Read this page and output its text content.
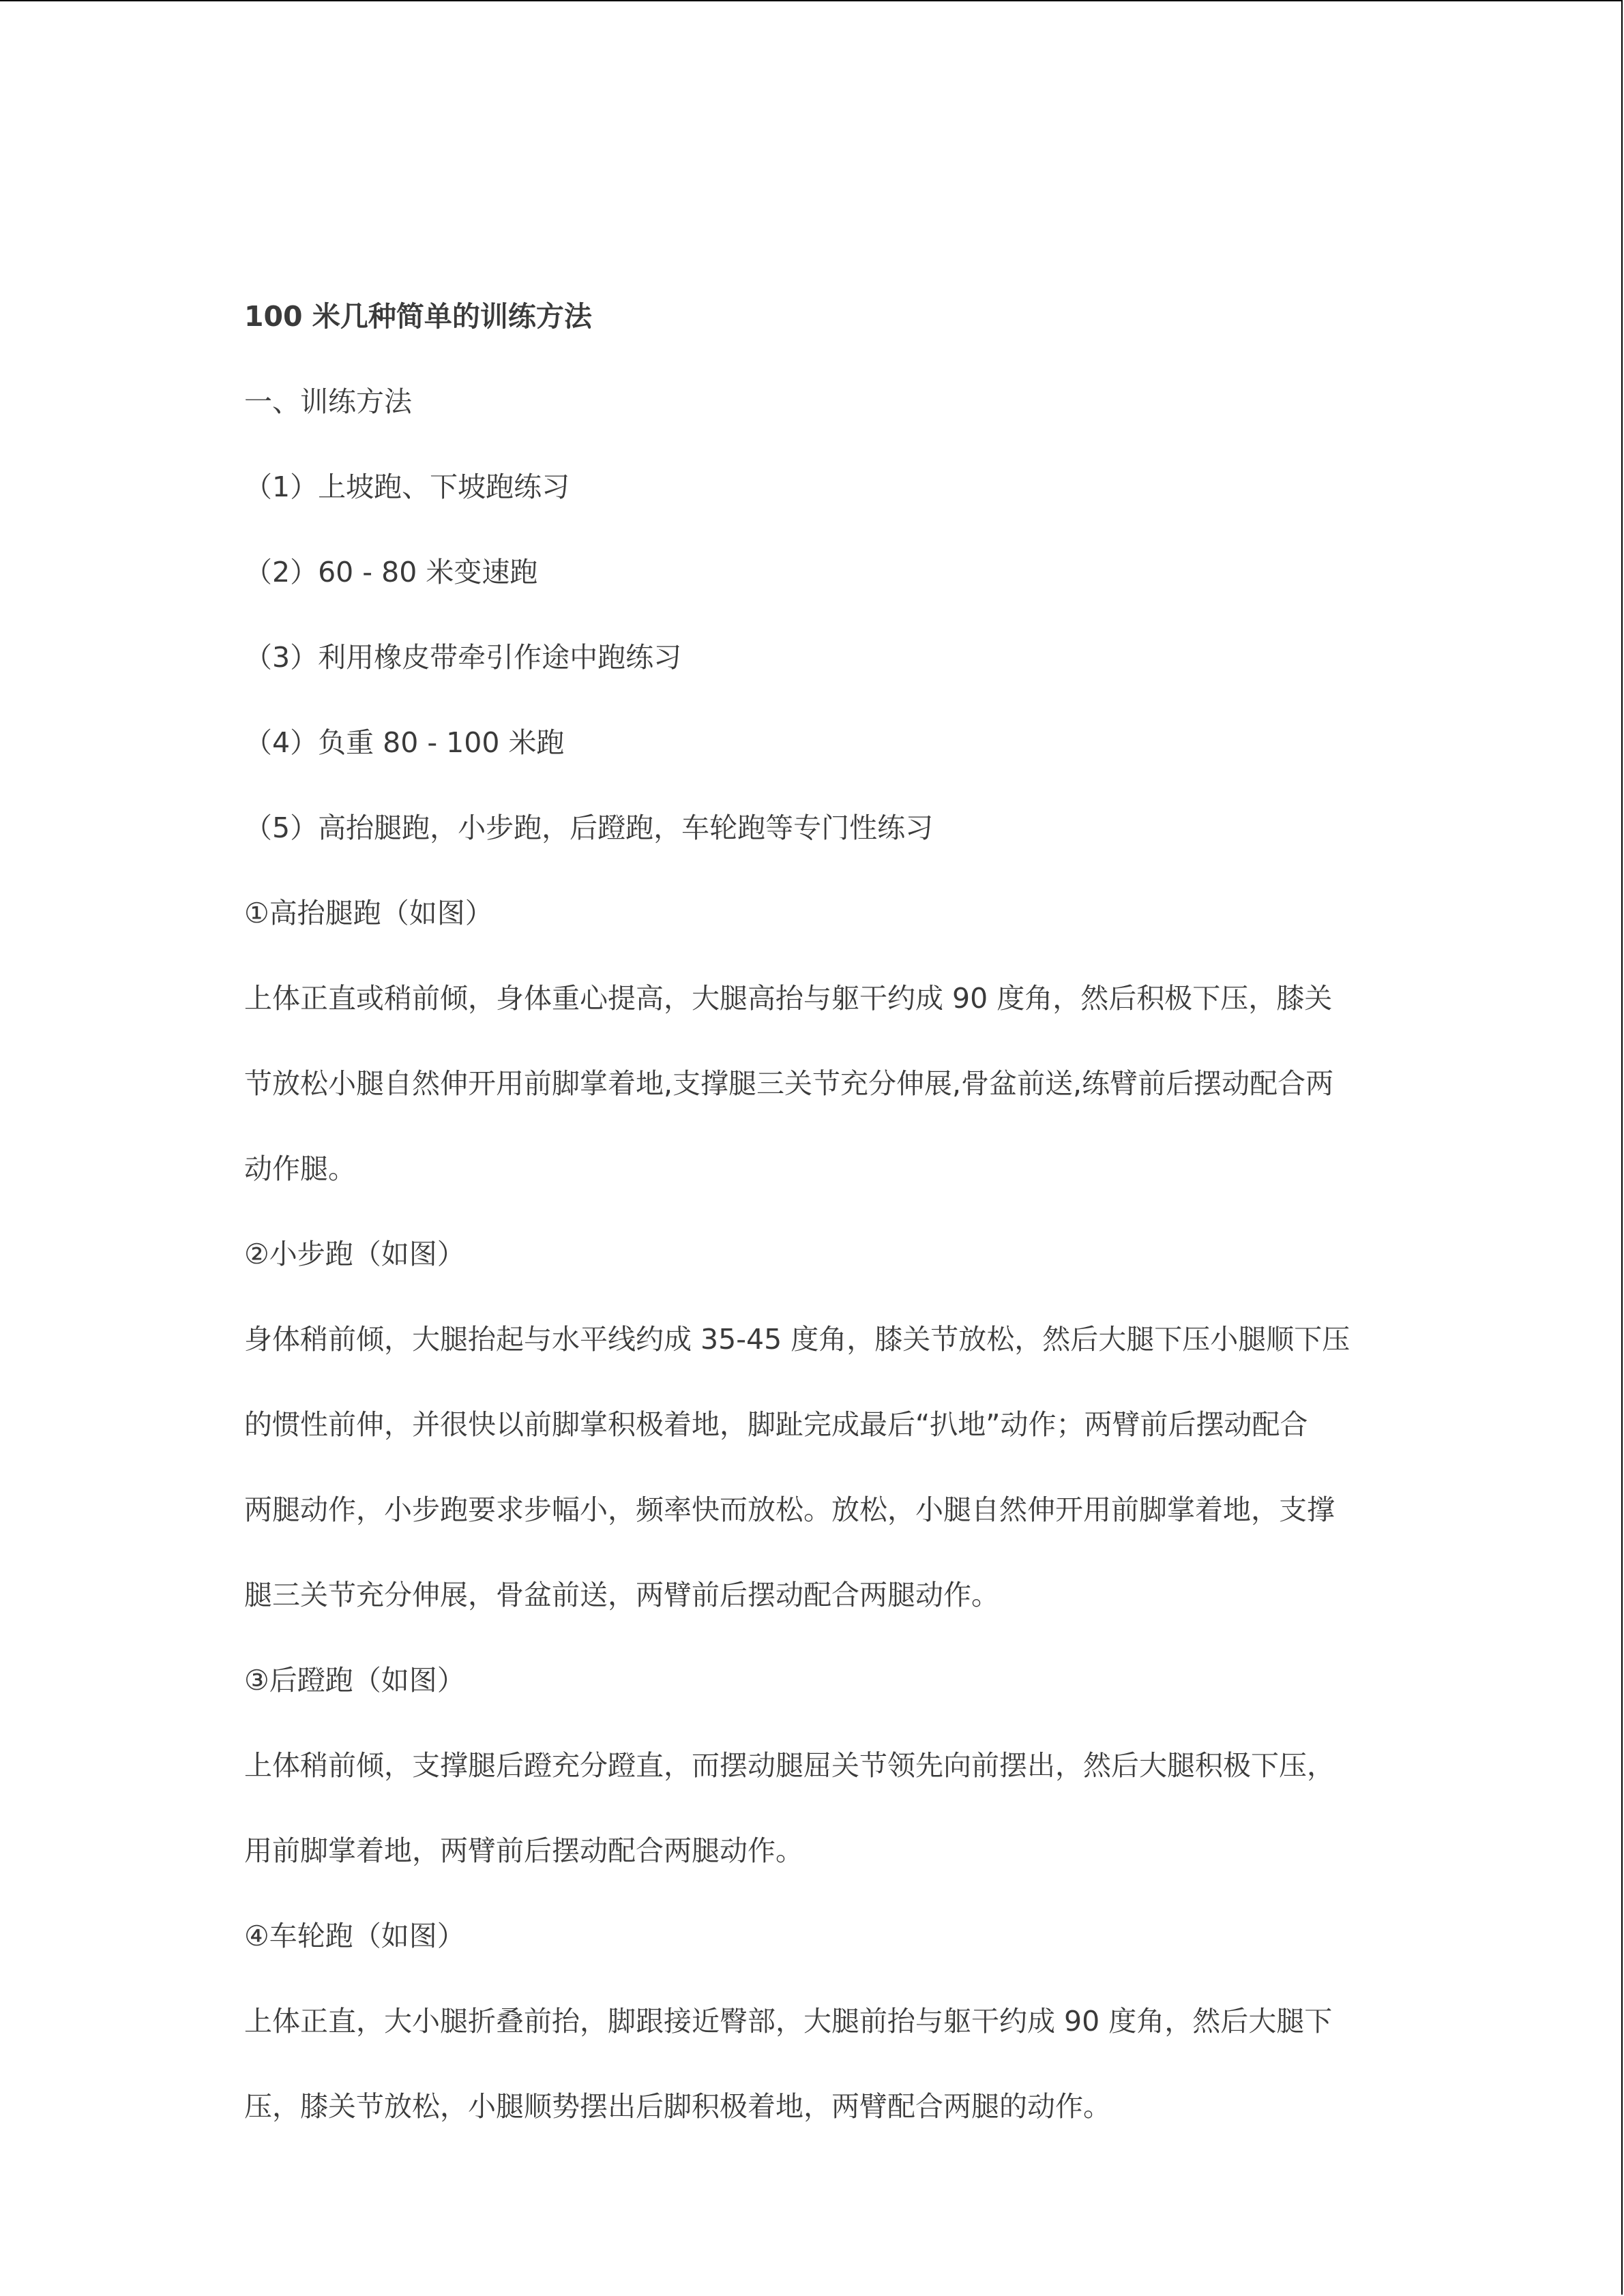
100 米几种简单的训练方法
一、训练方法
（1）上坡跑、下坡跑练习
（2）60 - 80 米变速跑
（3）利用橡皮带牵引作途中跑练习
（4）负重 80 - 100 米跑
（5）高抬腿跑，小步跑，后蹬跑，车轮跑等专门性练习
①高抬腿跑（如图）
上体正直或稍前倾，身体重心提高，大腿高抬与躯干约成 90 度角，然后积极下压，膝关
节放松小腿自然伸开用前脚掌着地,支撑腿三关节充分伸展,骨盆前送,练臂前后摆动配合两
动作腿。
②小步跑（如图）
身体稍前倾，大腿抬起与水平线约成 35-45 度角，膝关节放松，然后大腿下压小腿顺下压
的惯性前伸，并很快以前脚掌积极着地，脚趾完成最后“扒地”动作；两臂前后摆动配合
两腿动作，小步跑要求步幅小，频率快而放松。放松，小腿自然伸开用前脚掌着地，支撑
腿三关节充分伸展，骨盆前送，两臂前后摆动配合两腿动作。
③后蹬跑（如图）
上体稍前倾，支撑腿后蹬充分蹬直，而摆动腿屈关节领先向前摆出，然后大腿积极下压，
用前脚掌着地，两臂前后摆动配合两腿动作。
④车轮跑（如图）
上体正直，大小腿折叠前抬，脚跟接近臀部，大腿前抬与躯干约成 90 度角，然后大腿下
压，膝关节放松，小腿顺势摆出后脚积极着地，两臂配合两腿的动作。
